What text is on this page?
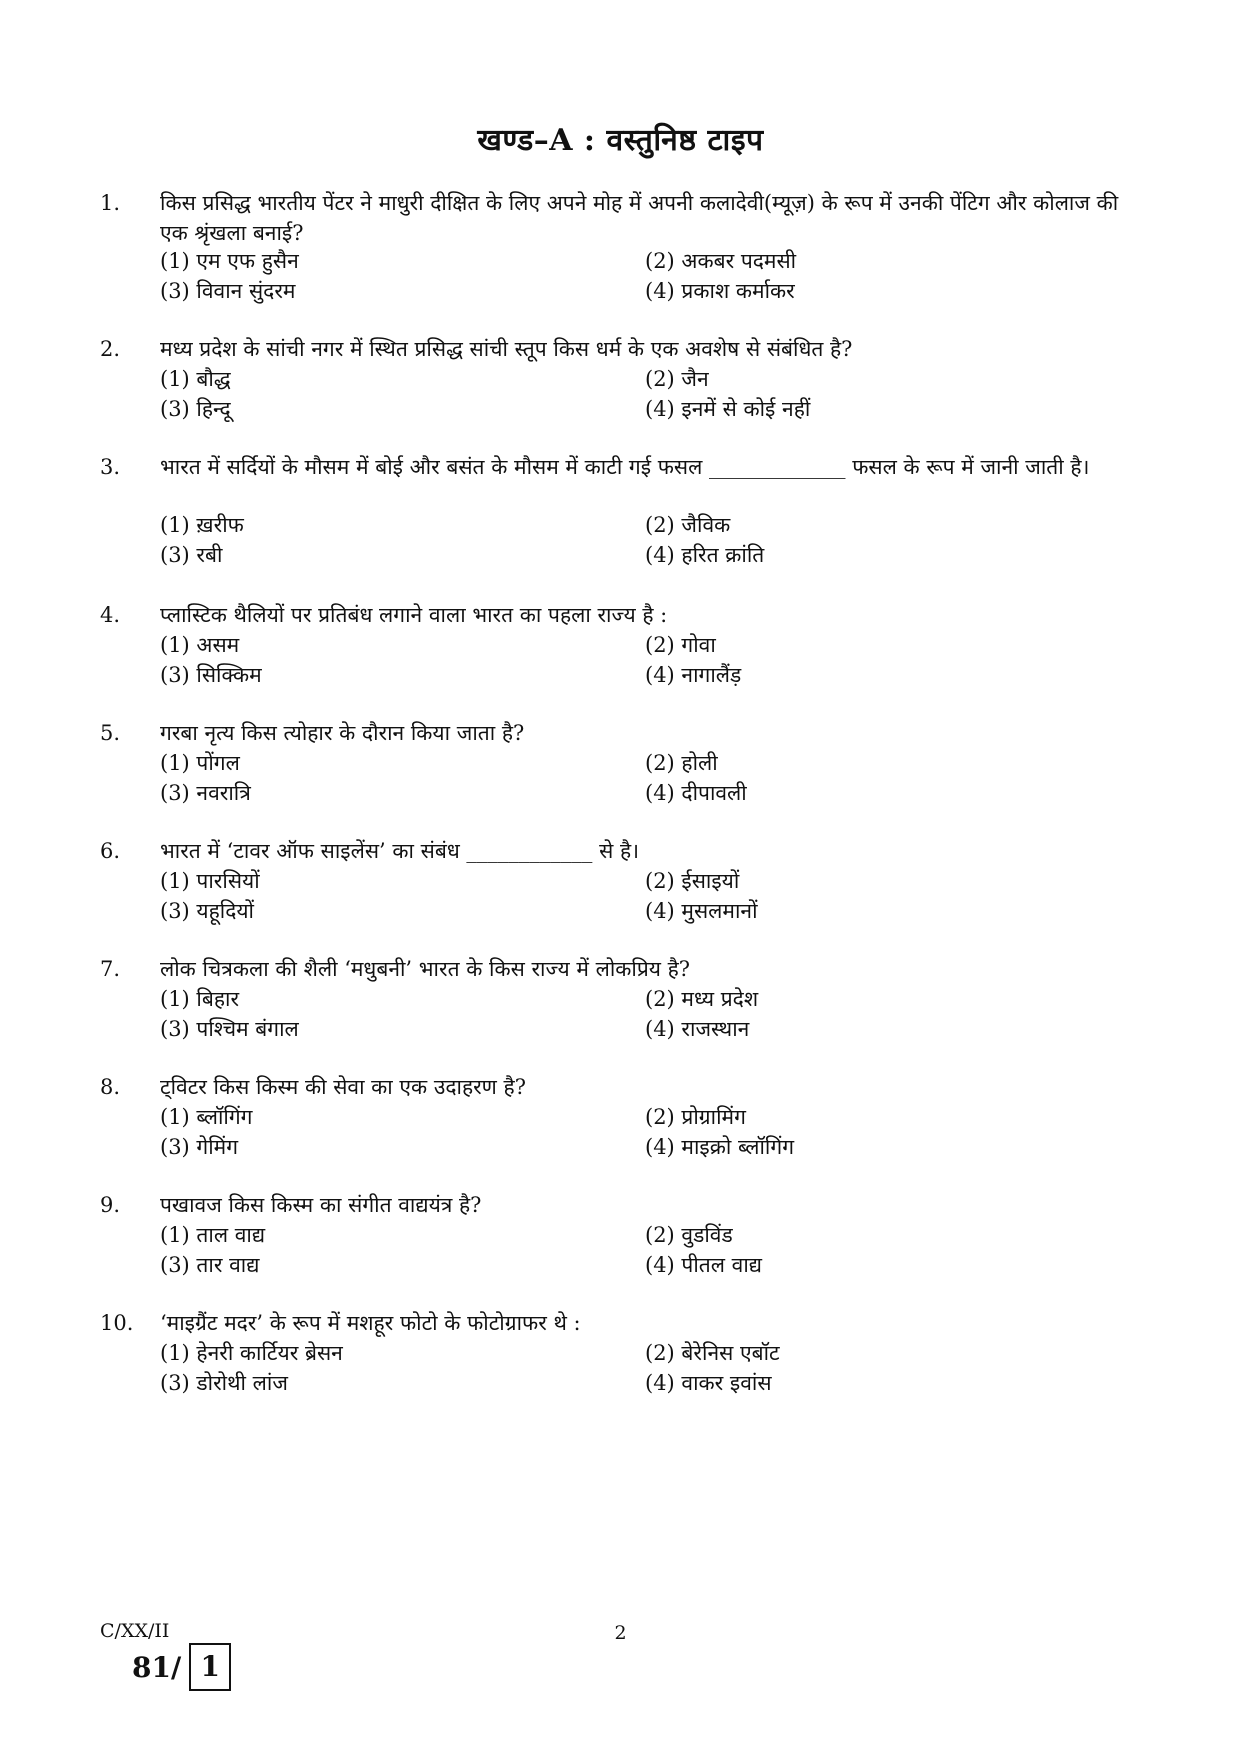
खण्ड–A : वस्तुनिष्ठ टाइप
1. किस प्रसिद्ध भारतीय पेंटर ने माधुरी दीक्षित के लिए अपने मोह में अपनी कलादेवी(म्यूज़) के रूप में उनकी पेंटिग और कोलाज की एक श्रृंखला बनाई?
(1) एम एफ हुसैन	(2) अकबर पदमसी
(3) विवान सुंदरम	(4) प्रकाश कर्माकर
2. मध्य प्रदेश के सांची नगर में स्थित प्रसिद्ध सांची स्तूप किस धर्म के एक अवशेष से संबंधित है?
(1) बौद्ध	(2) जैन
(3) हिन्दू	(4) इनमें से कोई नहीं
3. भारत में सर्दियों के मौसम में बोई और बसंत के मौसम में काटी गई फसल _____________ फसल के रूप में जानी जाती है।
(1) ख़रीफ	(2) जैविक
(3) रबी	(4) हरित क्रांति
4. प्लास्टिक थैलियों पर प्रतिबंध लगाने वाला भारत का पहला राज्य है :
(1) असम	(2) गोवा
(3) सिक्किम	(4) नागालैंड़
5. गरबा नृत्य किस त्योहार के दौरान किया जाता है?
(1) पोंगल	(2) होली
(3) नवरात्रि	(4) दीपावली
6. भारत में ‘टावर ऑफ साइलेंस’ का संबंध ____________ से है।
(1) पारसियों	(2) ईसाइयों
(3) यहूदियों	(4) मुसलमानों
7. लोक चित्रकला की शैली ‘मधुबनी’ भारत के किस राज्य में लोकप्रिय है?
(1) बिहार	(2) मध्य प्रदेश
(3) पश्चिम बंगाल	(4) राजस्थान
8. ट्विटर किस किस्म की सेवा का एक उदाहरण है?
(1) ब्लॉगिंग	(2) प्रोग्रामिंग
(3) गेमिंग	(4) माइक्रो ब्लॉगिंग
9. पखावज किस किस्म का संगीत वाद्ययंत्र है?
(1) ताल वाद्य	(2) वुडविंड
(3) तार वाद्य	(4) पीतल वाद्य
10. ‘माइग्रैंट मदर’ के रूप में मशहूर फोटो के फोटोग्राफर थे :
(1) हेनरी कार्टियर ब्रेसन	(2) बेरेनिस एबॉट
(3) डोरोथी लांज	(4) वाकर इवांस
C/XX/II
81/ 1
2
